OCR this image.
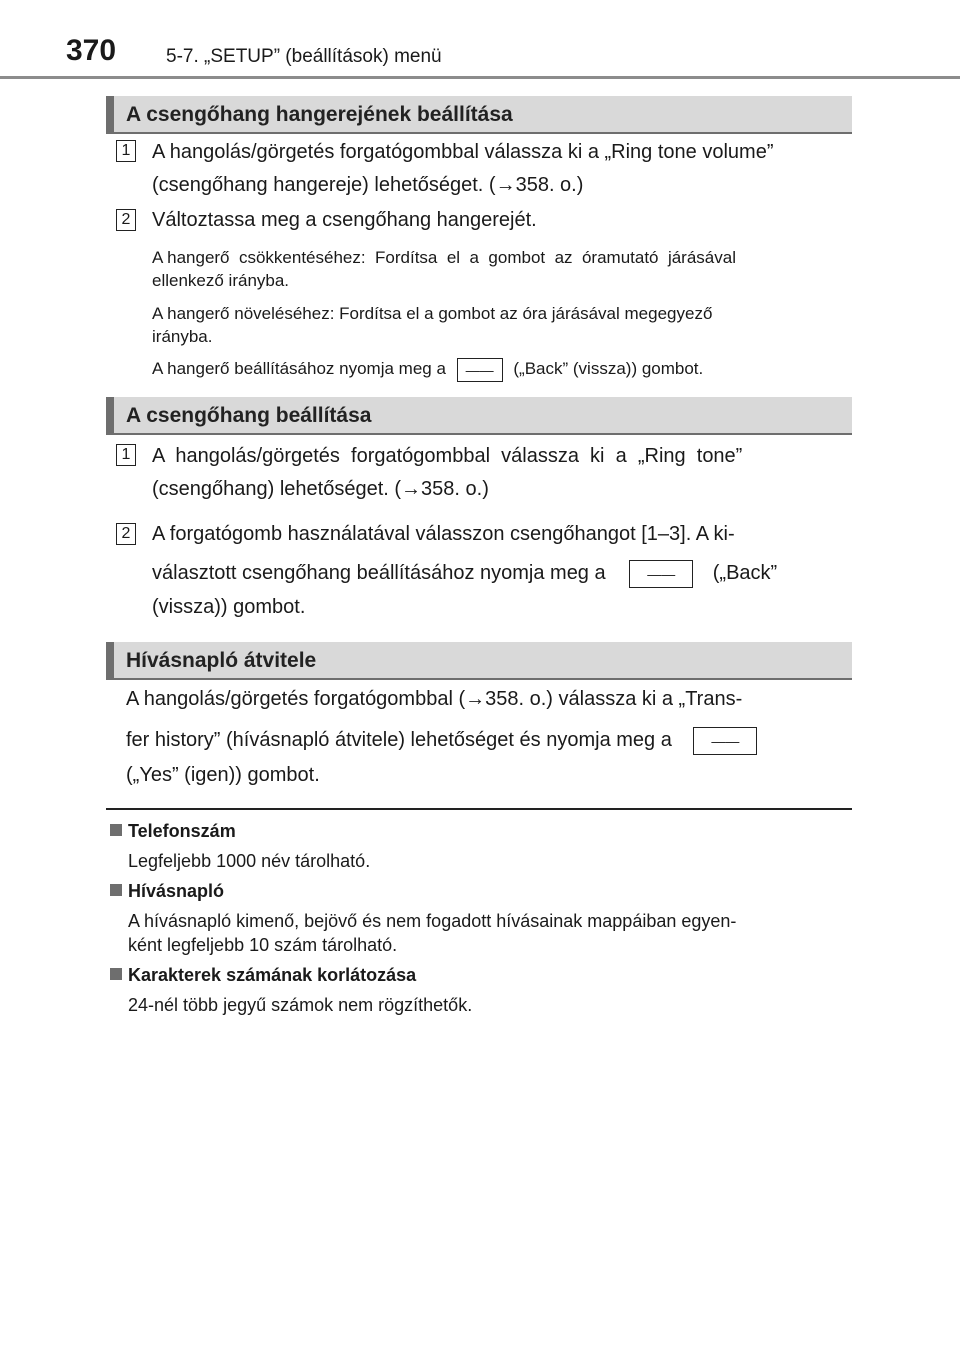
370	5-7. „SETUP” (beállítások) menü
A csengőhang hangerejének beállítása
1 A hangolás/görgetés forgatógombbal válassza ki a „Ring tone volume”
(csengőhang hangereje) lehetőséget. (→358. o.)
2 Változtassa meg a csengőhang hangerejét.
A hangerő  csökkentéséhez:  Fordítsa  el  a  gombot  az  óramutató  járásával
ellenkező irányba.
A hangerő növeléséhez: Fordítsa el a gombot az óra járásával megegyező
irányba.
A hangerő beállításához nyomja meg a —— („Back” (vissza)) gombot.
A csengőhang beállítása
1 A  hangolás/görgetés  forgatógombbal  válassza  ki  a  „Ring  tone”
(csengőhang) lehetőséget. (→358. o.)
2 A forgatógomb használatával válasszon csengőhangot [1–3]. A ki-
választott csengőhang beállításához nyomja meg a	—— („Back”
(vissza)) gombot.
Hívásnapló átvitele
A hangolás/görgetés forgatógombbal (→358. o.) válassza ki a „Trans-
fer history” (hívásnapló átvitele) lehetőséget és nyomja meg a	——
(„Yes” (igen)) gombot.
Telefonszám
Legfeljebb 1000 név tárolható.
Hívásnapló
A hívásnapló kimenő, bejövő és nem fogadott hívásainak mappáiban egyen-
ként legfeljebb 10 szám tárolható.
Karakterek számának korlátozása
24-nél több jegyű számok nem rögzíthetők.
